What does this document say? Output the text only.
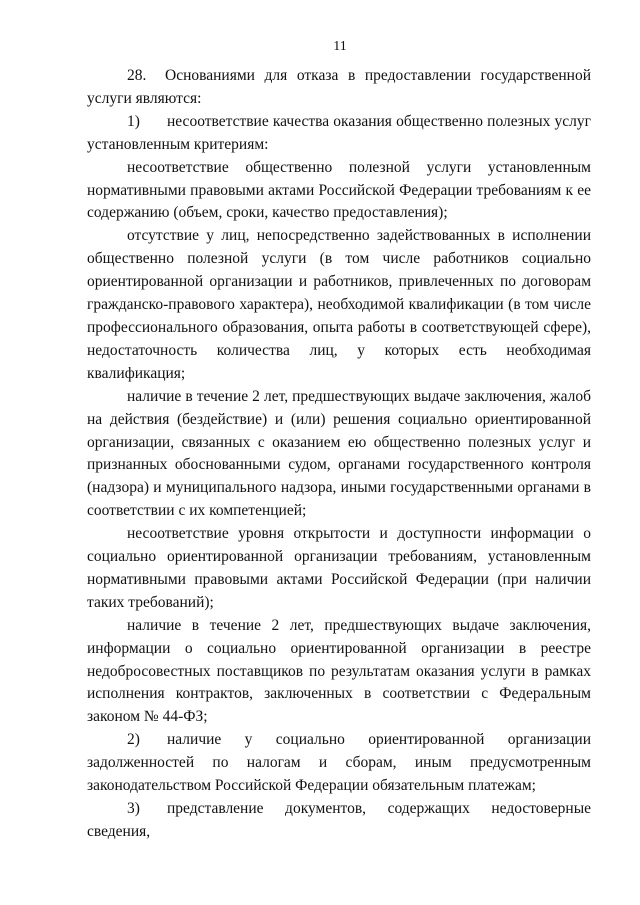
11

28. Основаниями для отказа в предоставлении государственной услуги являются:

1) несоответствие качества оказания общественно полезных услуг установленным критериям:

несоответствие общественно полезной услуги установленным нормативными правовыми актами Российской Федерации требованиям к ее содержанию (объем, сроки, качество предоставления);

отсутствие у лиц, непосредственно задействованных в исполнении общественно полезной услуги (в том числе работников социально ориентированной организации и работников, привлеченных по договорам гражданско-правового характера), необходимой квалификации (в том числе профессионального образования, опыта работы в соответствующей сфере), недостаточность количества лиц, у которых есть необходимая квалификация;

наличие в течение 2 лет, предшествующих выдаче заключения, жалоб на действия (бездействие) и (или) решения социально ориентированной организации, связанных с оказанием ею общественно полезных услуг и признанных обоснованными судом, органами государственного контроля (надзора) и муниципального надзора, иными государственными органами в соответствии с их компетенцией;

несоответствие уровня открытости и доступности информации о социально ориентированной организации требованиям, установленным нормативными правовыми актами Российской Федерации (при наличии таких требований);

наличие в течение 2 лет, предшествующих выдаче заключения, информации о социально ориентированной организации в реестре недобросовестных поставщиков по результатам оказания услуги в рамках исполнения контрактов, заключенных в соответствии с Федеральным законом № 44-ФЗ;

2) наличие у социально ориентированной организации задолженностей по налогам и сборам, иным предусмотренным законодательством Российской Федерации обязательным платежам;

3) представление документов, содержащих недостоверные сведения,
